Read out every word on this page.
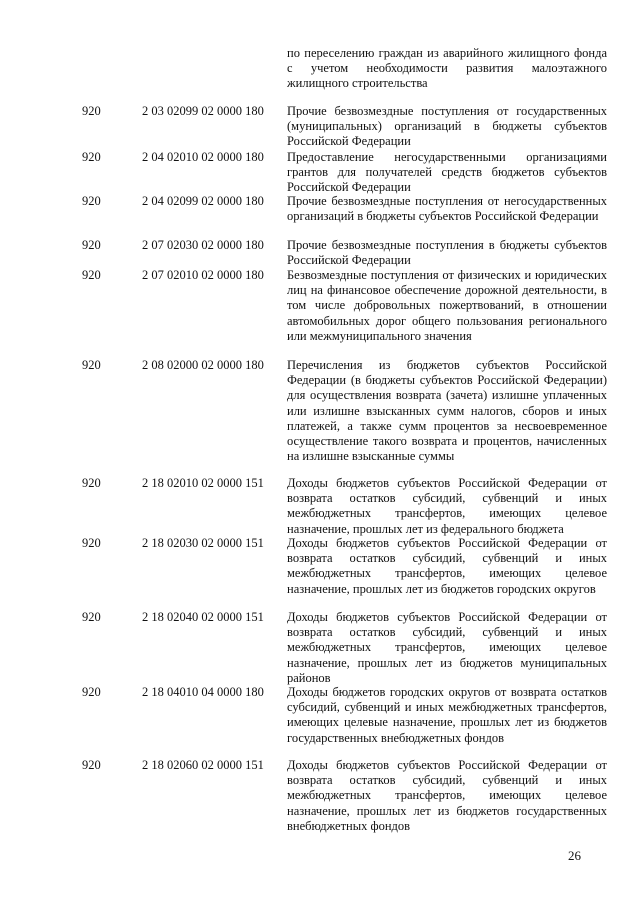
по переселению граждан из аварийного жилищного фонда с учетом необходимости развития малоэтажного жилищного строительства
920	2 03 02099 02 0000 180	Прочие безвозмездные поступления от государственных (муниципальных) организаций в бюджеты субъектов Российской Федерации
920	2 04 02010 02 0000 180	Предоставление негосударственными организациями грантов для получателей средств бюджетов субъектов Российской Федерации
920	2 04 02099 02 0000 180	Прочие безвозмездные поступления от негосударственных организаций в бюджеты субъектов Российской Федерации
920	2 07 02030 02 0000 180	Прочие безвозмездные поступления в бюджеты субъектов Российской Федерации
920	2 07 02010 02 0000 180	Безвозмездные поступления от физических и юридических лиц на финансовое обеспечение дорожной деятельности, в том числе добровольных пожертвований, в отношении автомобильных дорог общего пользования регионального или межмуниципального значения
920	2 08 02000 02 0000 180	Перечисления из бюджетов субъектов Российской Федерации (в бюджеты субъектов Российской Федерации) для осуществления возврата (зачета) излишне уплаченных или излишне взысканных сумм налогов, сборов и иных платежей, а также сумм процентов за несвоевременное осуществление такого возврата и процентов, начисленных на излишне взысканные суммы
920	2 18 02010 02 0000 151	Доходы бюджетов субъектов Российской Федерации от возврата остатков субсидий, субвенций и иных межбюджетных трансфертов, имеющих целевое назначение, прошлых лет из федерального бюджета
920	2 18 02030 02 0000 151	Доходы бюджетов субъектов Российской Федерации от возврата остатков субсидий, субвенций и иных межбюджетных трансфертов, имеющих целевое назначение, прошлых лет из бюджетов городских округов
920	2 18 02040 02 0000 151	Доходы бюджетов субъектов Российской Федерации от возврата остатков субсидий, субвенций и иных межбюджетных трансфертов, имеющих целевое назначение, прошлых лет из бюджетов муниципальных районов
920	2 18 04010 04 0000 180	Доходы бюджетов городских округов от возврата остатков субсидий, субвенций и иных межбюджетных трансфертов, имеющих целевые назначение, прошлых лет из бюджетов государственных внебюджетных фондов
920	2 18 02060 02 0000 151	Доходы бюджетов субъектов Российской Федерации от возврата остатков субсидий, субвенций и иных межбюджетных трансфертов, имеющих целевое назначение, прошлых лет из бюджетов государственных внебюджетных фондов
26
